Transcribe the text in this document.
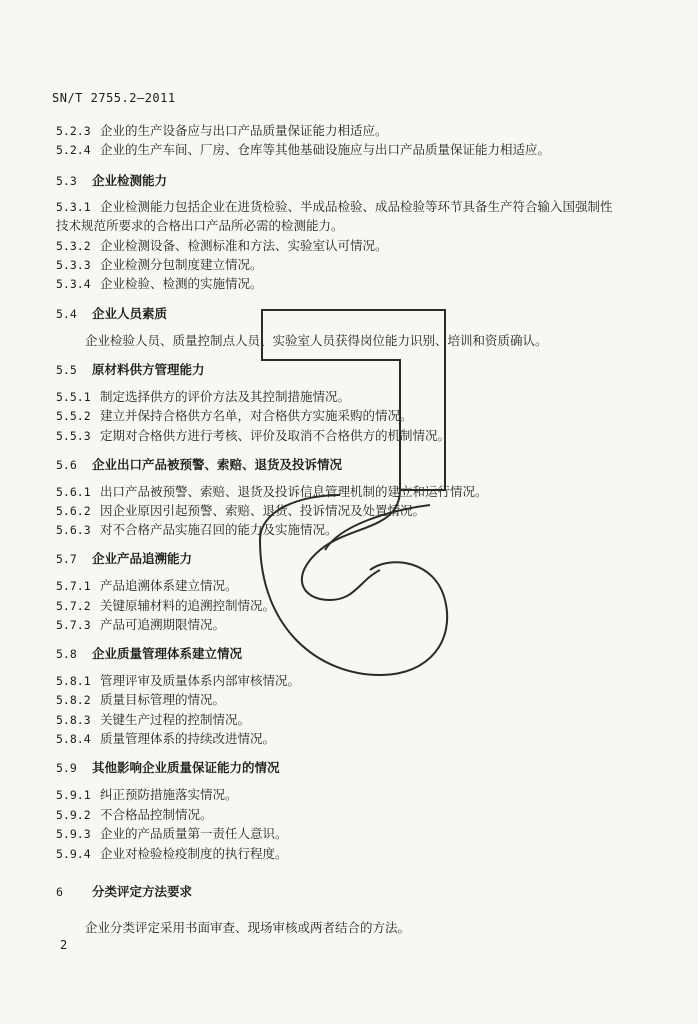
SN/T 2755.2—2011
5.2.3 企业的生产设备应与出口产品质量保证能力相适应。
5.2.4 企业的生产车间、厂房、仓库等其他基础设施应与出口产品质量保证能力相适应。
5.3 企业检测能力
5.3.1 企业检测能力包括企业在进货检验、半成品检验、成品检验等环节具备生产符合输入国强制性
技术规范所要求的合格出口产品所必需的检测能力。
5.3.2 企业检测设备、检测标准和方法、实验室认可情况。
5.3.3 企业检测分包制度建立情况。
5.3.4 企业检验、检测的实施情况。
5.4 企业人员素质
企业检验人员、质量控制点人员、实验室人员获得岗位能力识别、培训和资质确认。
5.5 原材料供方管理能力
5.5.1 制定选择供方的评价方法及其控制措施情况。
5.5.2 建立并保持合格供方名单，对合格供方实施采购的情况。
5.5.3 定期对合格供方进行考核、评价及取消不合格供方的机制情况。
5.6 企业出口产品被预警、索赔、退货及投诉情况
5.6.1 出口产品被预警、索赔、退货及投诉信息管理机制的建立和运行情况。
5.6.2 因企业原因引起预警、索赔、退货、投诉情况及处置情况。
5.6.3 对不合格产品实施召回的能力及实施情况。
5.7 企业产品追溯能力
5.7.1 产品追溯体系建立情况。
5.7.2 关键原辅材料的追溯控制情况。
5.7.3 产品可追溯期限情况。
5.8 企业质量管理体系建立情况
5.8.1 管理评审及质量体系内部审核情况。
5.8.2 质量目标管理的情况。
5.8.3 关键生产过程的控制情况。
5.8.4 质量管理体系的持续改进情况。
5.9 其他影响企业质量保证能力的情况
5.9.1 纠正预防措施落实情况。
5.9.2 不合格品控制情况。
5.9.3 企业的产品质量第一责任人意识。
5.9.4 企业对检验检疫制度的执行程度。
6 分类评定方法要求
企业分类评定采用书面审查、现场审核或两者结合的方法。
2
